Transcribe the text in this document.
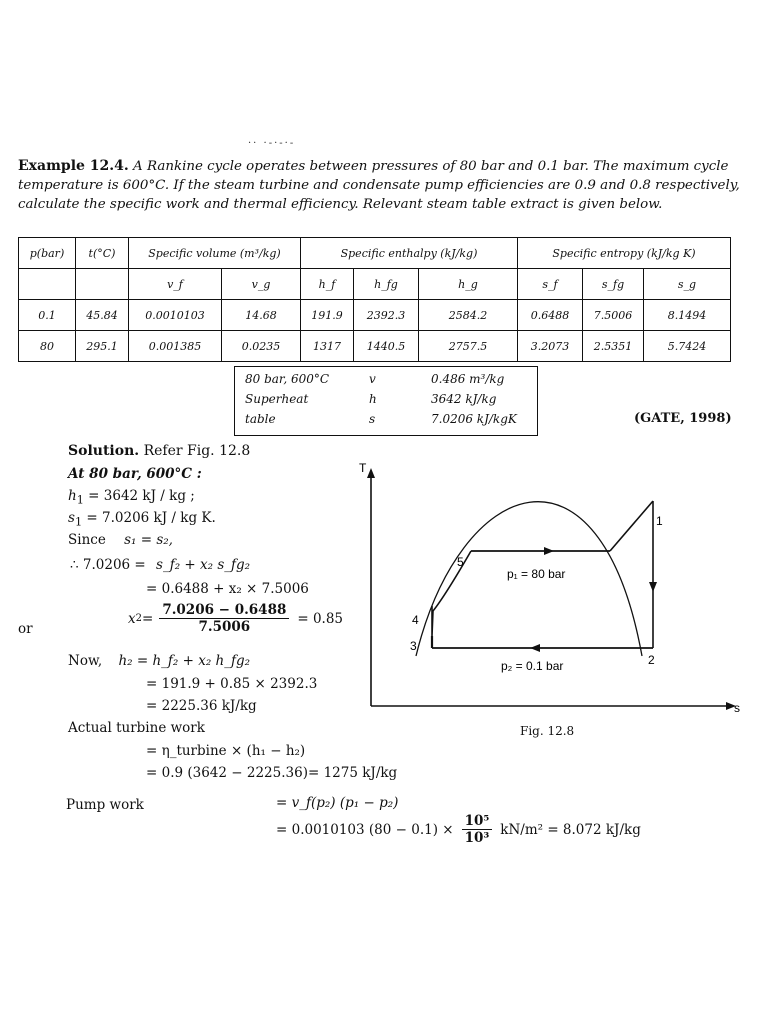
·· ·-·-·-
Example 12.4. A Rankine cycle operates between pressures of 80 bar and 0.1 bar. The maximum cycle temperature is 600°C. If the steam turbine and condensate pump efficiencies are 0.9 and 0.8 respectively, calculate the specific work and thermal efficiency. Relevant steam table extract is given below.
p(bar)	t(°C)	Specific volume (m³/kg)		Specific enthalpy (kJ/kg)			Specific entropy (kJ/kg K)		
		v_f	v_g	h_f	h_fg	h_g	s_f	s_fg	s_g
0.1	45.84	0.0010103	14.68	191.9	2392.3	2584.2	0.6488	7.5006	8.1494
80	295.1	0.001385	0.0235	1317	1440.5	2757.5	3.2073	2.5351	5.7424
80 bar, 600°C	v	0.486 m³/kg
Superheat	h	3642 kJ/kg
table	s	7.0206 kJ/kgK	(GATE, 1998)
Solution. Refer Fig. 12.8
At 80 bar, 600°C :
$h_1 = 3642$ kJ / kg ;
$s_1 = 7.0206$ kJ / kg K.
Since s₁ = s₂,
∴ 7.0206 = s_f₂ + x₂ s_fg₂
= 0.6488 + x₂ × 7.5006
or
x $2 = \frac{7.0206 - 0.6488}{7.5006} = 0.85$
Now, h₂ = h_f₂ + x₂ h_fg₂
= 191.9 + 0.85 × 2392.3
= 2225.36 kJ/kg
Actual turbine work
= η_turbine × (h₁ − h₂)
= 0.9 (3642 − 2225.36)= 1275 kJ/kg
Pump work	= v_f(p₂) (p₁ − p₂)
= 0.0010103 $(80 - 0.1) \times \frac{\text{10⁵}}{\text{10³}} kN/m^2 = 8.072$ kJ/kg
T
s
1
2
3
4
5
p₁ = 80 bar
p₂ = 0.1 bar
Fig. 12.8
